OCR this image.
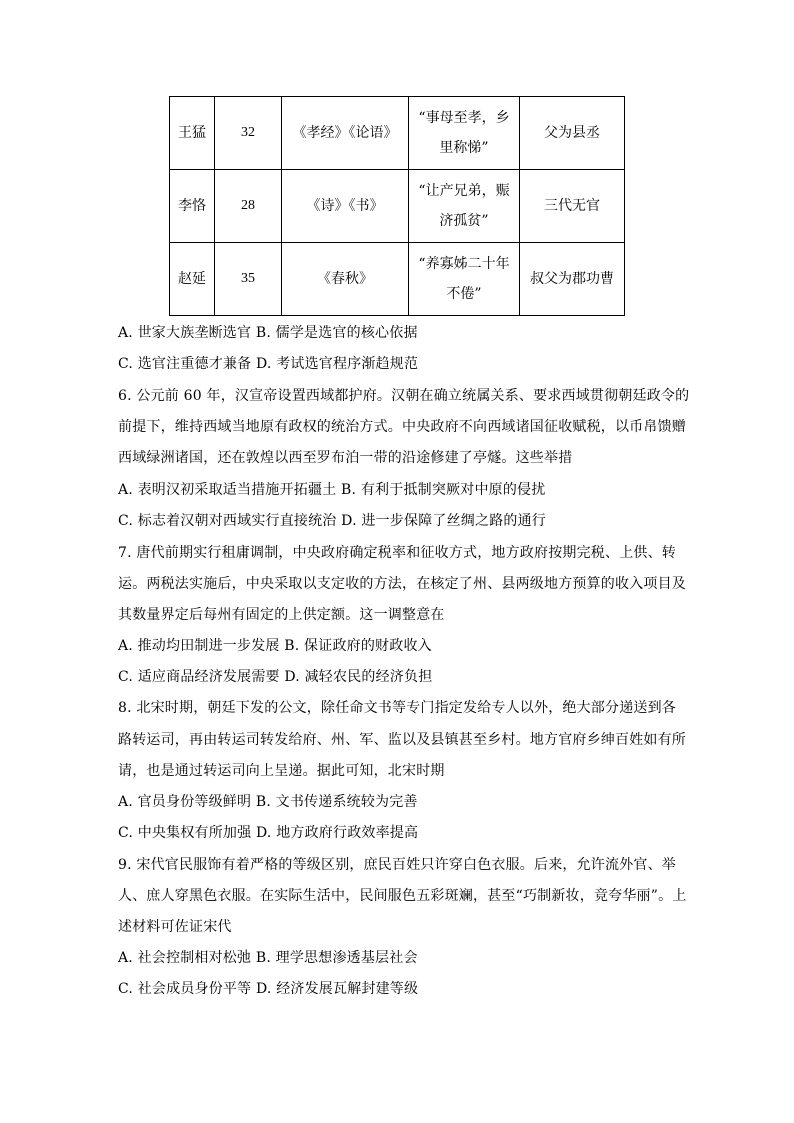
王猛	32	《孝经》《论语》	“事母至孝，乡里称悌”	父为县丞
李恪	28	《诗》《书》	“让产兄弟，赈济孤贫”	三代无官
赵延	35	《春秋》	“养寡姊二十年不倦”	叔父为郡功曹
A. 世家大族垄断选官 B. 儒学是选官的核心依据
C. 选官注重德才兼备 D. 考试选官程序渐趋规范
6. 公元前 60 年，汉宣帝设置西域都护府。汉朝在确立统属关系、要求西域贯彻朝廷政令的
前提下，维持西域当地原有政权的统治方式。中央政府不向西域诸国征收赋税，以币帛馈赠
西域绿洲诸国，还在敦煌以西至罗布泊一带的沿途修建了亭燧。这些举措
A. 表明汉初采取适当措施开拓疆土 B. 有利于抵制突厥对中原的侵扰
C. 标志着汉朝对西域实行直接统治 D. 进一步保障了丝绸之路的通行
7. 唐代前期实行租庸调制，中央政府确定税率和征收方式，地方政府按期完税、上供、转
运。两税法实施后，中央采取以支定收的方法，在核定了州、县两级地方预算的收入项目及
其数量界定后每州有固定的上供定额。这一调整意在
A. 推动均田制进一步发展 B. 保证政府的财政收入
C. 适应商品经济发展需要 D. 减轻农民的经济负担
8. 北宋时期，朝廷下发的公文，除任命文书等专门指定发给专人以外，绝大部分递送到各
路转运司，再由转运司转发给府、州、军、监以及县镇甚至乡村。地方官府乡绅百姓如有所
请，也是通过转运司向上呈递。据此可知，北宋时期
A. 官员身份等级鲜明 B. 文书传递系统较为完善
C. 中央集权有所加强 D. 地方政府行政效率提高
9. 宋代官民服饰有着严格的等级区别，庶民百姓只许穿白色衣服。后来，允许流外官、举
人、庶人穿黑色衣服。在实际生活中，民间服色五彩斑斓，甚至“巧制新妆，竞夸华丽”。上
述材料可佐证宋代
A. 社会控制相对松弛 B. 理学思想渗透基层社会
C. 社会成员身份平等 D. 经济发展瓦解封建等级
